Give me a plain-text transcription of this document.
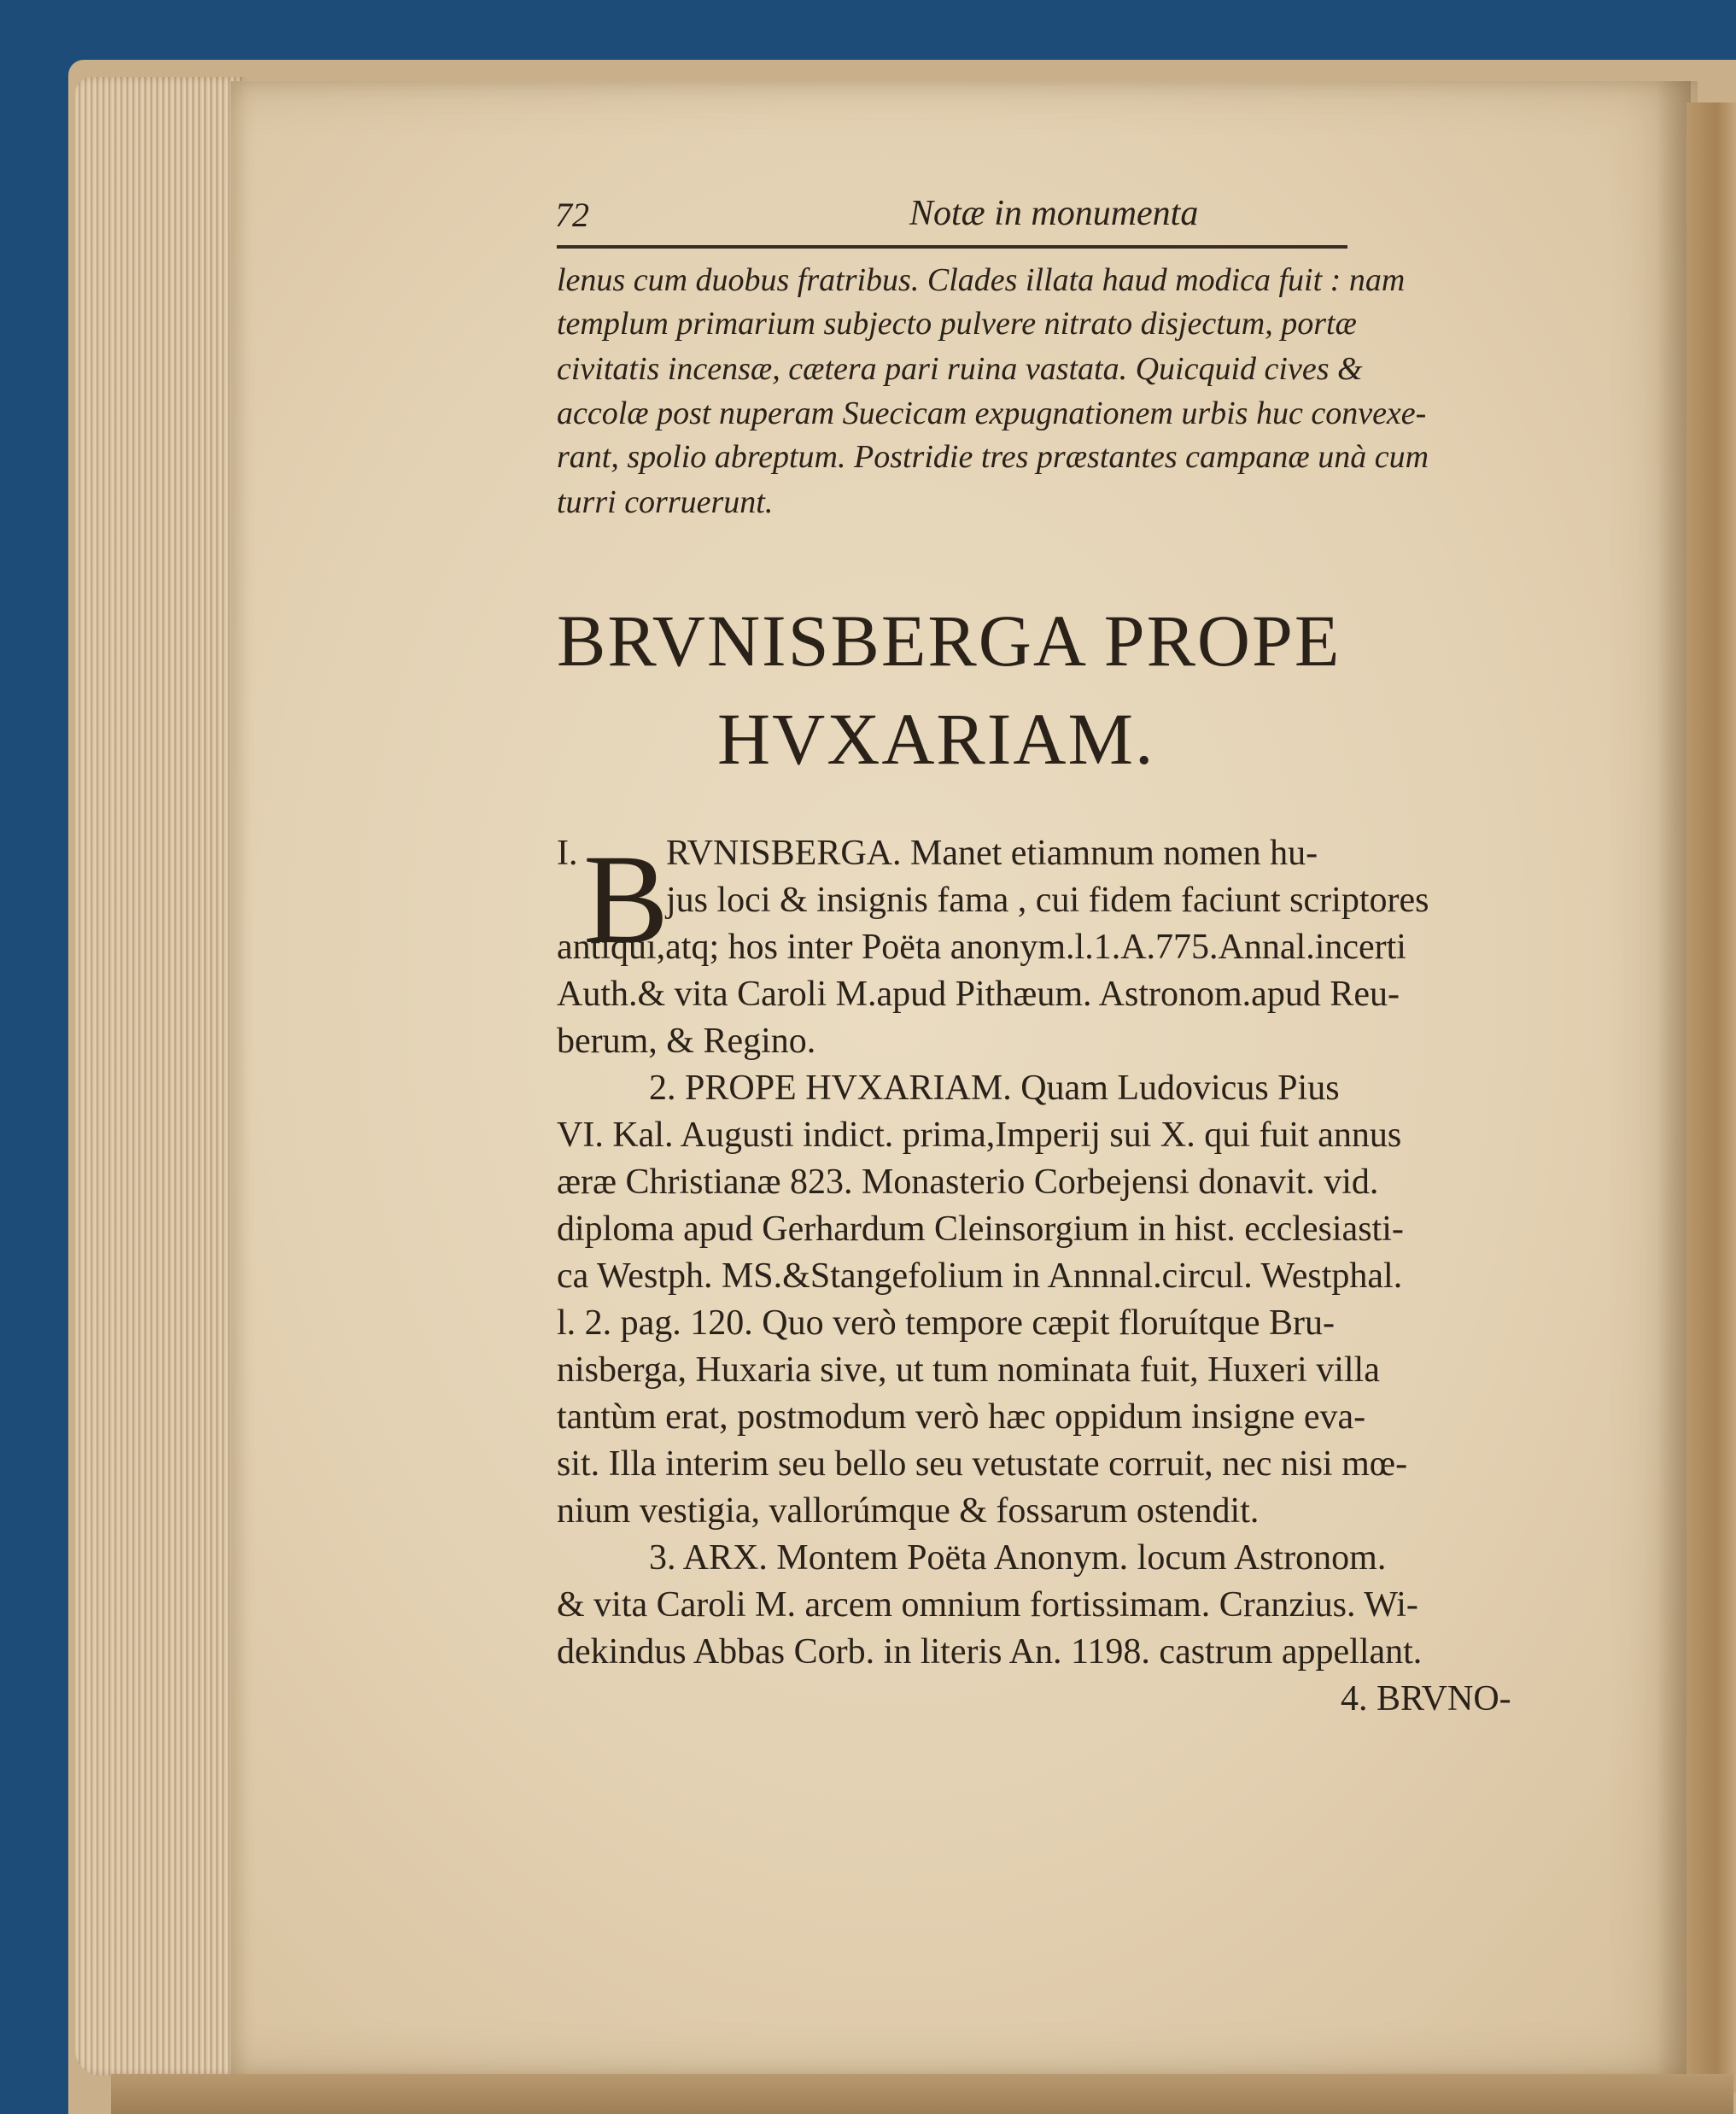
72	Notæ in monumenta
lenus cum duobus fratribus. Clades illata haud modica fuit : nam
templum primarium subjecto pulvere nitrato disjectum, portæ
civitatis incensæ, cætera pari ruina vastata. Quicquid cives &
accolæ post nuperam Suecicam expugnationem urbis huc convexe-
rant, spolio abreptum. Postridie tres præstantes campanæ unà cum
turri corruerunt.
BRVNISBERGA PROPE
HVXARIAM.
I. B
RVNISBERGA. Manet etiamnum nomen hu-
jus loci & insignis fama , cui fidem faciunt scriptores
antiqui,atq; hos inter Poëta anonym.l.1.A.775.Annal.incerti
Auth.& vita Caroli M.apud Pithæum. Astronom.apud Reu-
berum, & Regino.
2. PROPE HVXARIAM. Quam Ludovicus Pius
VI. Kal. Augusti indict. prima,Imperij sui X. qui fuit annus
æræ Christianæ 823. Monasterio Corbejensi donavit. vid.
diploma apud Gerhardum Cleinsorgium in hist. ecclesiasti-
ca Westph. MS.&Stangefolium in Annnal.circul. Westphal.
l. 2. pag. 120. Quo verò tempore cæpit floruítque Bru-
nisberga, Huxaria sive, ut tum nominata fuit, Huxeri villa
tantùm erat, postmodum verò hæc oppidum insigne eva-
sit. Illa interim seu bello seu vetustate corruit, nec nisi mœ-
nium vestigia, vallorúmque & fossarum ostendit.
3. ARX. Montem Poëta Anonym. locum Astronom.
& vita Caroli M. arcem omnium fortissimam. Cranzius. Wi-
dekindus Abbas Corb. in literis An. 1198. castrum appellant.
4. BRVNO-
